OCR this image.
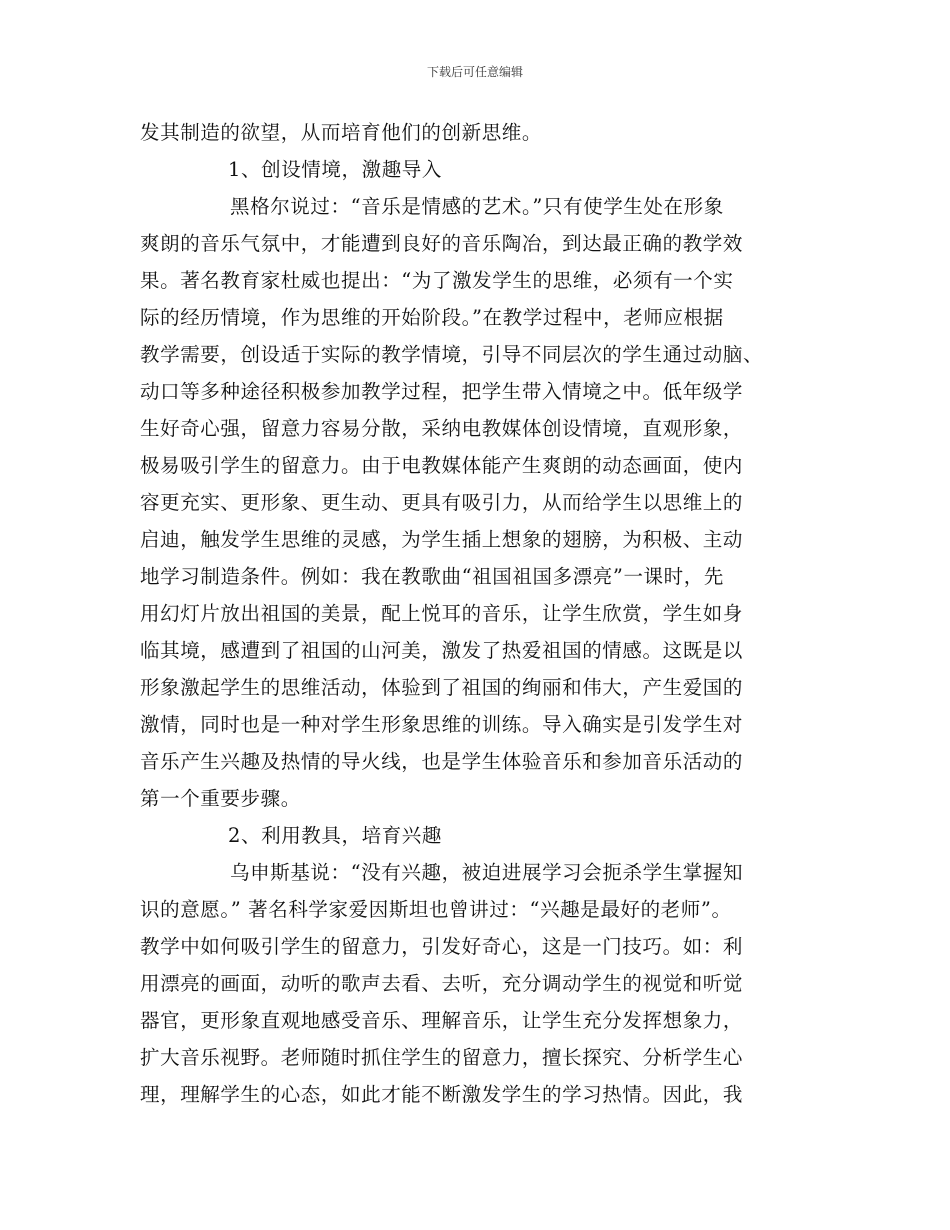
下载后可任意编辑
发其制造的欲望，从而培育他们的创新思维。
1、创设情境，激趣导入
黑格尔说过：“音乐是情感的艺术。”只有使学生处在形象
爽朗的音乐气氛中，才能遭到良好的音乐陶冶，到达最正确的教学效
果。著名教育家杜威也提出：“为了激发学生的思维，必须有一个实
际的经历情境，作为思维的开始阶段。”在教学过程中，老师应根据
教学需要，创设适于实际的教学情境，引导不同层次的学生通过动脑、
动口等多种途径积极参加教学过程，把学生带入情境之中。低年级学
生好奇心强，留意力容易分散，采纳电教媒体创设情境，直观形象，
极易吸引学生的留意力。由于电教媒体能产生爽朗的动态画面，使内
容更充实、更形象、更生动、更具有吸引力，从而给学生以思维上的
启迪，触发学生思维的灵感，为学生插上想象的翅膀，为积极、主动
地学习制造条件。例如：我在教歌曲“祖国祖国多漂亮”一课时，先
用幻灯片放出祖国的美景，配上悦耳的音乐，让学生欣赏，学生如身
临其境，感遭到了祖国的山河美，激发了热爱祖国的情感。这既是以
形象激起学生的思维活动，体验到了祖国的绚丽和伟大，产生爱国的
激情，同时也是一种对学生形象思维的训练。导入确实是引发学生对
音乐产生兴趣及热情的导火线，也是学生体验音乐和参加音乐活动的
第一个重要步骤。
2、利用教具，培育兴趣
乌申斯基说：“没有兴趣，被迫进展学习会扼杀学生掌握知
识的意愿。” 著名科学家爱因斯坦也曾讲过：“兴趣是最好的老师”。
教学中如何吸引学生的留意力，引发好奇心，这是一门技巧。如：利
用漂亮的画面，动听的歌声去看、去听，充分调动学生的视觉和听觉
器官，更形象直观地感受音乐、理解音乐，让学生充分发挥想象力，
扩大音乐视野。老师随时抓住学生的留意力，擅长探究、分析学生心
理，理解学生的心态，如此才能不断激发学生的学习热情。因此，我
